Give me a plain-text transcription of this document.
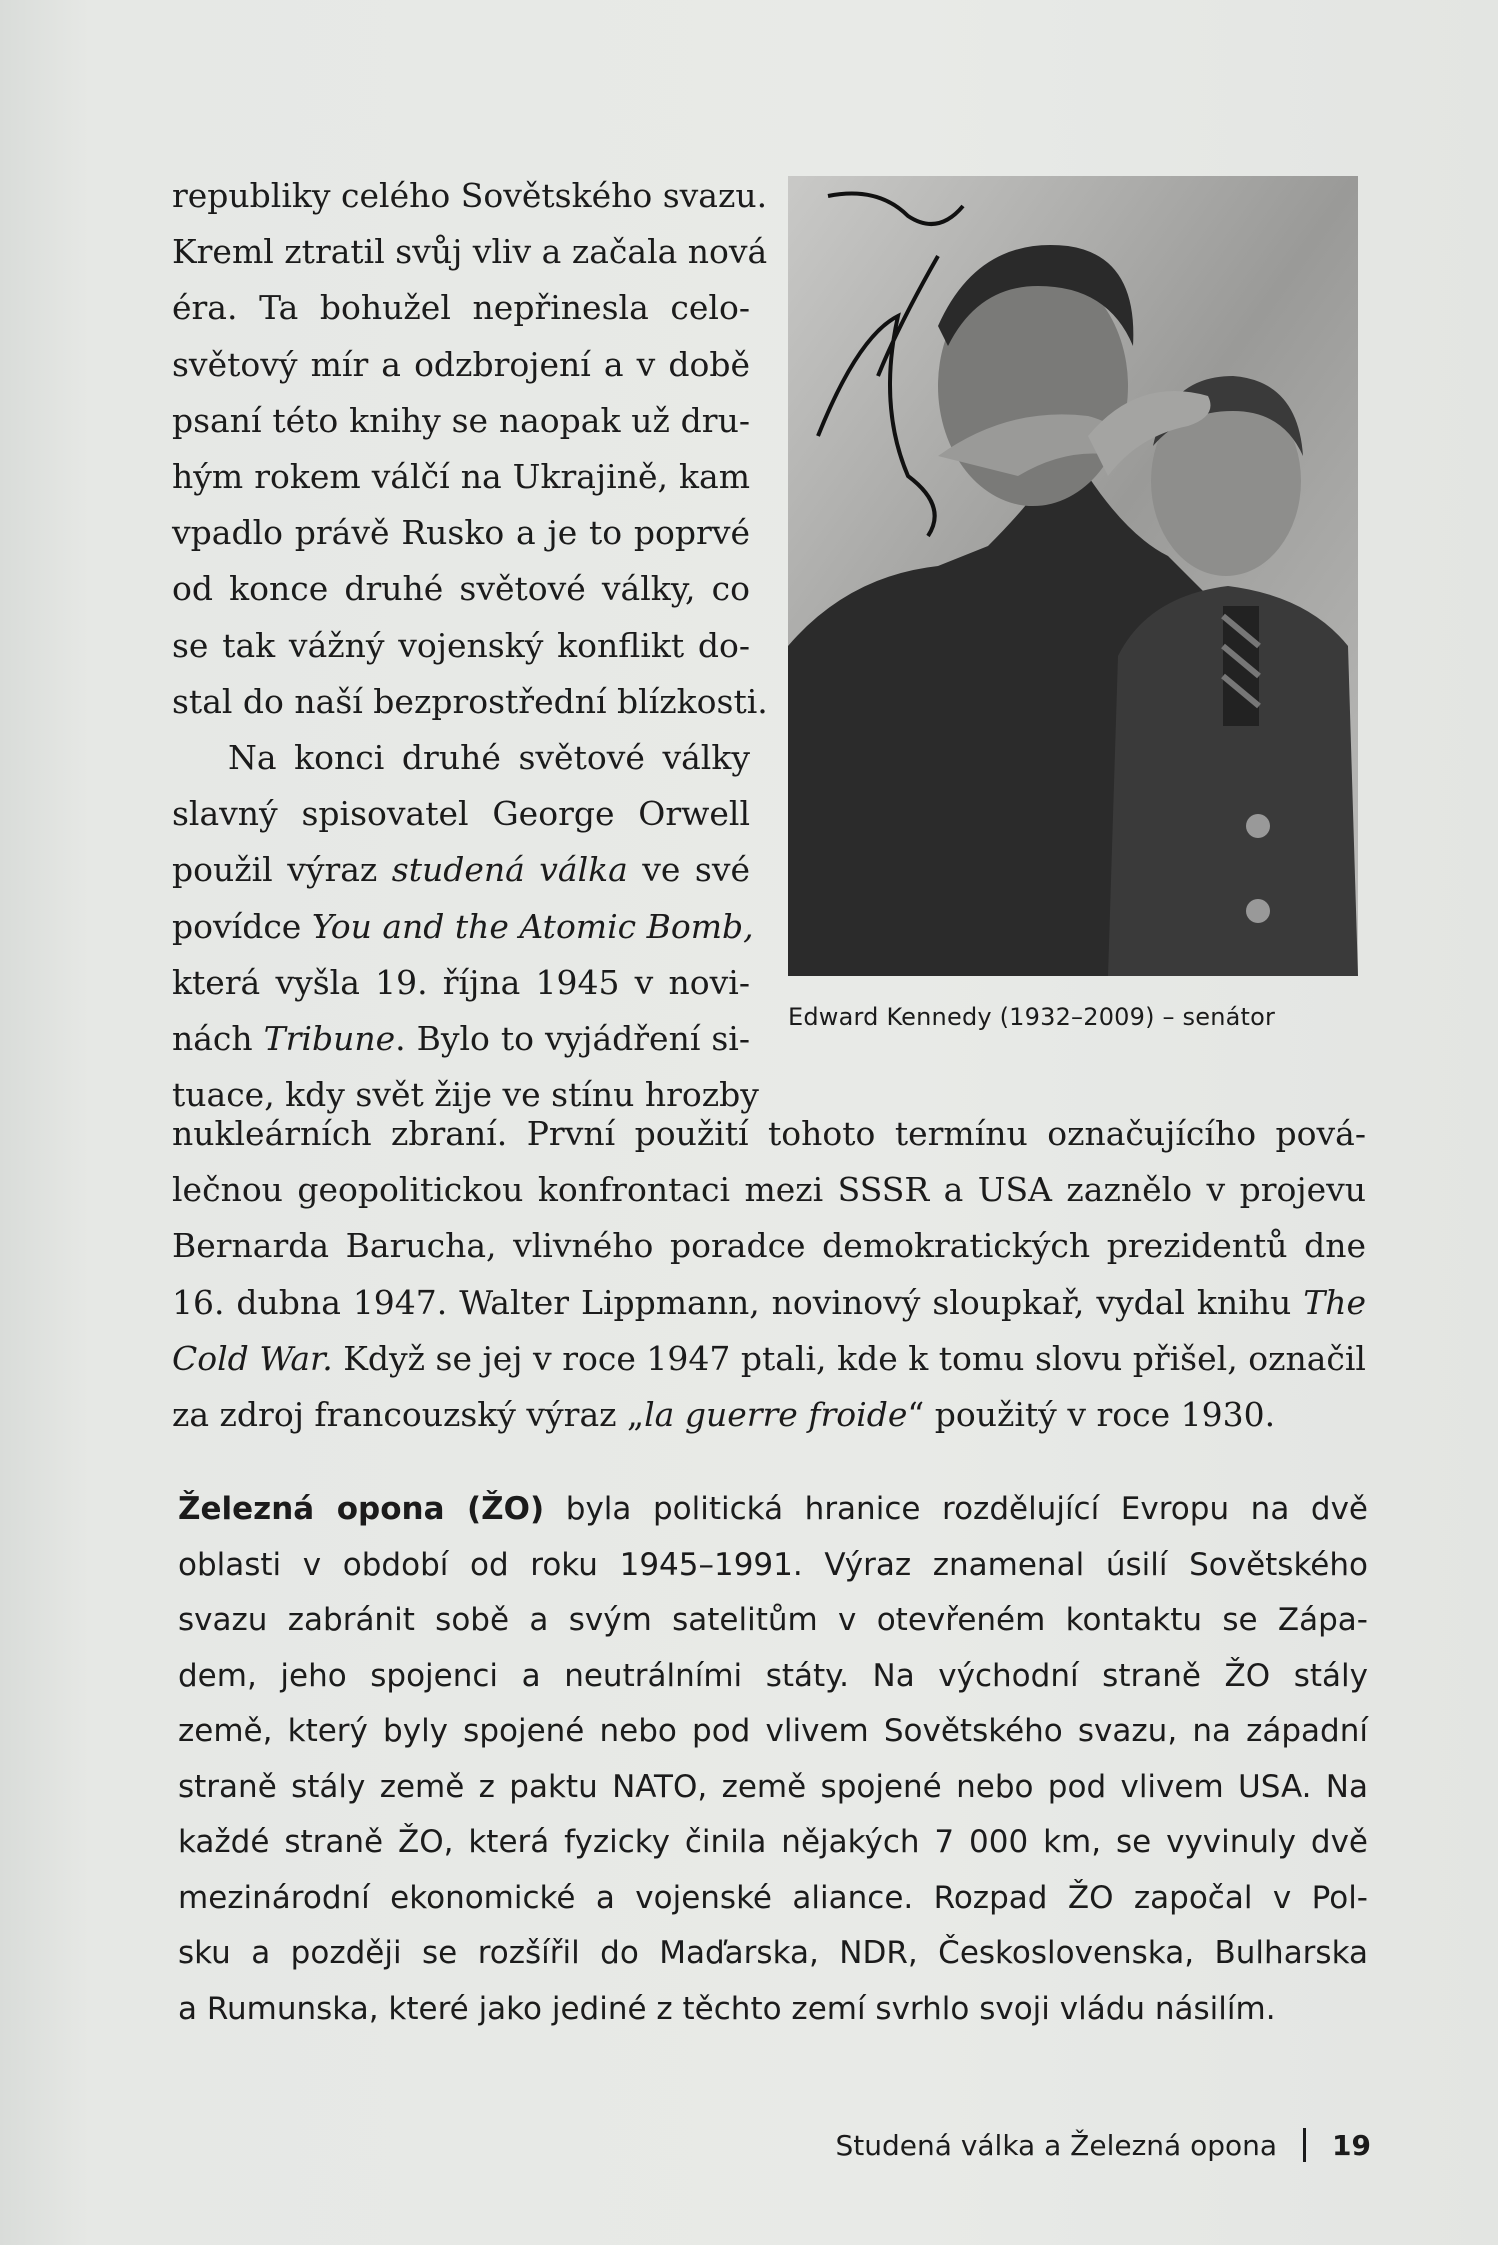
republiky celého Sovětského svazu.
Kreml ztratil svůj vliv a začala nová
éra. Ta bohužel nepřinesla celo-
světový mír a odzbrojení a v době
psaní této knihy se naopak už dru-
hým rokem válčí na Ukrajině, kam
vpadlo právě Rusko a je to poprvé
od konce druhé světové války, co
se tak vážný vojenský konflikt do-
stal do naší bezprostřední blízkosti.
Na konci druhé světové války
slavný spisovatel George Orwell
použil výraz studená válka ve své
povídce You and the Atomic Bomb,
která vyšla 19. října 1945 v novi-
nách Tribune. Bylo to vyjádření si-
tuace, kdy svět žije ve stínu hrozby
nukleárních zbraní. První použití tohoto termínu označujícího pová-
lečnou geopolitickou konfrontaci mezi SSSR a USA zaznělo v projevu
Bernarda Barucha, vlivného poradce demokratických prezidentů dne
16. dubna 1947. Walter Lippmann, novinový sloupkař, vydal knihu The
Cold War. Když se jej v roce 1947 ptali, kde k tomu slovu přišel, označil
za zdroj francouzský výraz „la guerre froide“ použitý v roce 1930.
Edward Kennedy (1932–2009) – senátor
Železná opona (ŽO) byla politická hranice rozdělující Evropu na dvě
oblasti v období od roku 1945–1991. Výraz znamenal úsilí Sovětského
svazu zabránit sobě a svým satelitům v otevřeném kontaktu se Zápa-
dem, jeho spojenci a neutrálními státy. Na východní straně ŽO stály
země, který byly spojené nebo pod vlivem Sovětského svazu, na západní
straně stály země z paktu NATO, země spojené nebo pod vlivem USA. Na
každé straně ŽO, která fyzicky činila nějakých 7 000 km, se vyvinuly dvě
mezinárodní ekonomické a vojenské aliance. Rozpad ŽO započal v Pol-
sku a později se rozšířil do Maďarska, NDR, Československa, Bulharska
a Rumunska, které jako jediné z těchto zemí svrhlo svoji vládu násilím.
Studená válka a Železná opona 19
